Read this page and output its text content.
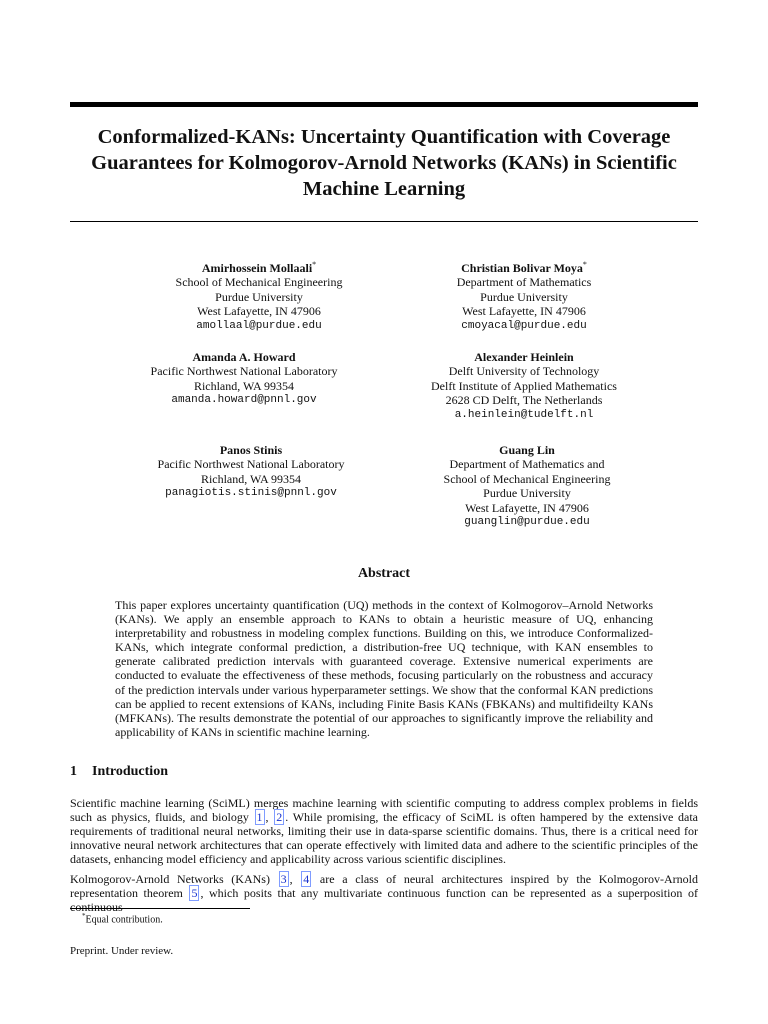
Conformalized-KANs: Uncertainty Quantification with Coverage
Guarantees for Kolmogorov-Arnold Networks (KANs) in Scientific
Machine Learning
Amirhossein Mollaali*
School of Mechanical Engineering
Purdue University
West Lafayette, IN 47906
amollaal@purdue.edu
Christian Bolivar Moya*
Department of Mathematics
Purdue University
West Lafayette, IN 47906
cmoyacal@purdue.edu
Amanda A. Howard
Pacific Northwest National Laboratory
Richland, WA 99354
amanda.howard@pnnl.gov
Alexander Heinlein
Delft University of Technology
Delft Institute of Applied Mathematics
2628 CD Delft, The Netherlands
a.heinlein@tudelft.nl
Panos Stinis
Pacific Northwest National Laboratory
Richland, WA 99354
panagiotis.stinis@pnnl.gov
Guang Lin
Department of Mathematics and
School of Mechanical Engineering
Purdue University
West Lafayette, IN 47906
guanglin@purdue.edu
Abstract
This paper explores uncertainty quantification (UQ) methods in the context of Kolmogorov–Arnold Networks (KANs). We apply an ensemble approach to KANs to obtain a heuristic measure of UQ, enhancing interpretability and robustness in modeling complex functions. Building on this, we introduce Conformalized-KANs, which integrate conformal prediction, a distribution-free UQ technique, with KAN ensembles to generate calibrated prediction intervals with guaranteed coverage. Extensive numerical experiments are conducted to evaluate the effectiveness of these methods, focusing particularly on the robustness and accuracy of the prediction intervals under various hyperparameter settings. We show that the conformal KAN predictions can be applied to recent extensions of KANs, including Finite Basis KANs (FBKANs) and multifideilty KANs (MFKANs). The results demonstrate the potential of our approaches to significantly improve the reliability and applicability of KANs in scientific machine learning.
1 Introduction
Scientific machine learning (SciML) merges machine learning with scientific computing to address complex problems in fields such as physics, fluids, and biology 1 , 2 . While promising, the efficacy of SciML is often hampered by the extensive data requirements of traditional neural networks, limiting their use in data-sparse scientific domains. Thus, there is a critical need for innovative neural network architectures that can operate effectively with limited data and adhere to the scientific principles of the datasets, enhancing model efficiency and applicability across various scientific disciplines.
Kolmogorov-Arnold Networks (KANs) 3 , 4 are a class of neural architectures inspired by the Kolmogorov-Arnold representation theorem 5 , which posits that any multivariate continuous function can be represented as a superposition of
*Equal contribution.
Preprint. Under review.
